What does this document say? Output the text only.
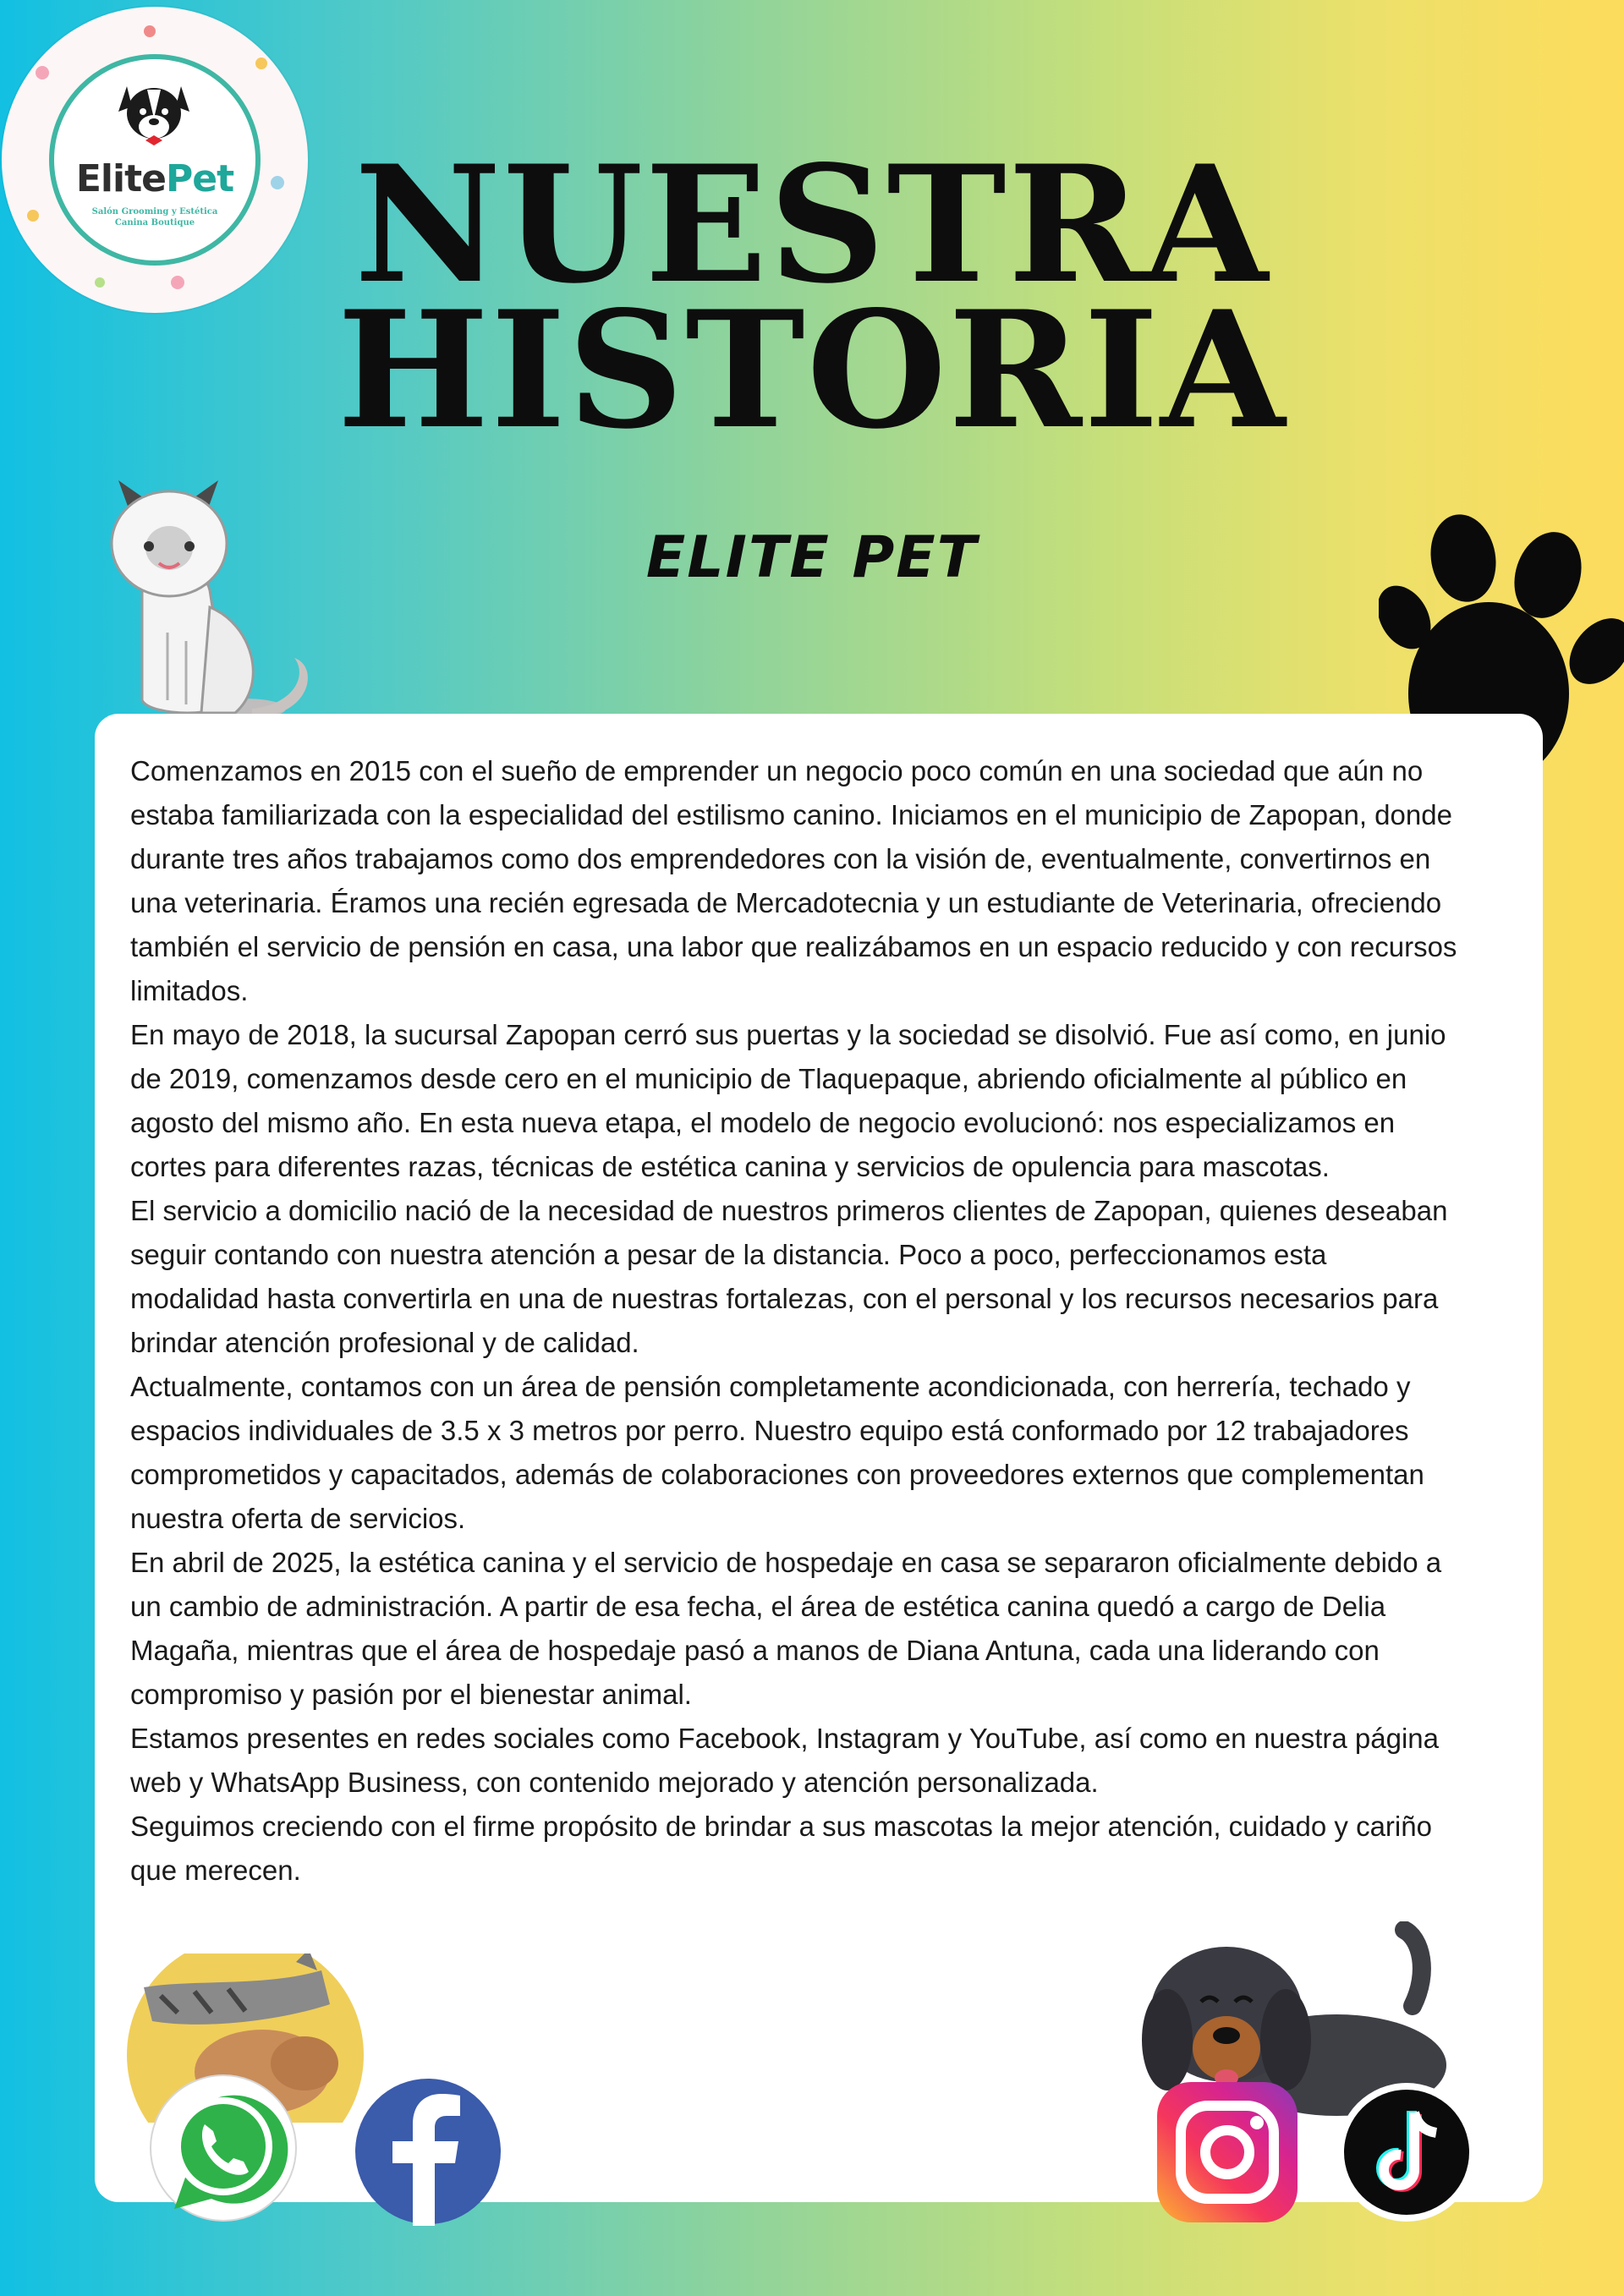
ElitePet
Salón Grooming y Estética Canina Boutique NUESTRA
HISTORIA
ELITE PET

Comenzamos en 2015 con el sueño de emprender un negocio poco común en una sociedad que aún no estaba familiarizada con la especialidad del estilismo canino. Iniciamos en el municipio de Zapopan, donde durante tres años trabajamos como dos emprendedores con la visión de, eventualmente, convertirnos en una veterinaria. Éramos una recién egresada de Mercadotecnia y un estudiante de Veterinaria, ofreciendo también el servicio de pensión en casa, una labor que realizábamos en un espacio reducido y con recursos limitados.

En mayo de 2018, la sucursal Zapopan cerró sus puertas y la sociedad se disolvió. Fue así como, en junio de 2019, comenzamos desde cero en el municipio de Tlaquepaque, abriendo oficialmente al público en agosto del mismo año. En esta nueva etapa, el modelo de negocio evolucionó: nos especializamos en cortes para diferentes razas, técnicas de estética canina y servicios de opulencia para mascotas.

El servicio a domicilio nació de la necesidad de nuestros primeros clientes de Zapopan, quienes deseaban seguir contando con nuestra atención a pesar de la distancia. Poco a poco, perfeccionamos esta modalidad hasta convertirla en una de nuestras fortalezas, con el personal y los recursos necesarios para brindar atención profesional y de calidad.

Actualmente, contamos con un área de pensión completamente acondicionada, con herrería, techado y espacios individuales de 3.5 x 3 metros por perro. Nuestro equipo está conformado por 12 trabajadores comprometidos y capacitados, además de colaboraciones con proveedores externos que complementan nuestra oferta de servicios.

En abril de 2025, la estética canina y el servicio de hospedaje en casa se separaron oficialmente debido a un cambio de administración. A partir de esa fecha, el área de estética canina quedó a cargo de Delia Magaña, mientras que el área de hospedaje pasó a manos de Diana Antuna, cada una liderando con compromiso y pasión por el bienestar animal.

Estamos presentes en redes sociales como Facebook, Instagram y YouTube, así como en nuestra página web y WhatsApp Business, con contenido mejorado y atención personalizada.

Seguimos creciendo con el firme propósito de brindar a sus mascotas la mejor atención, cuidado y cariño que merecen.
